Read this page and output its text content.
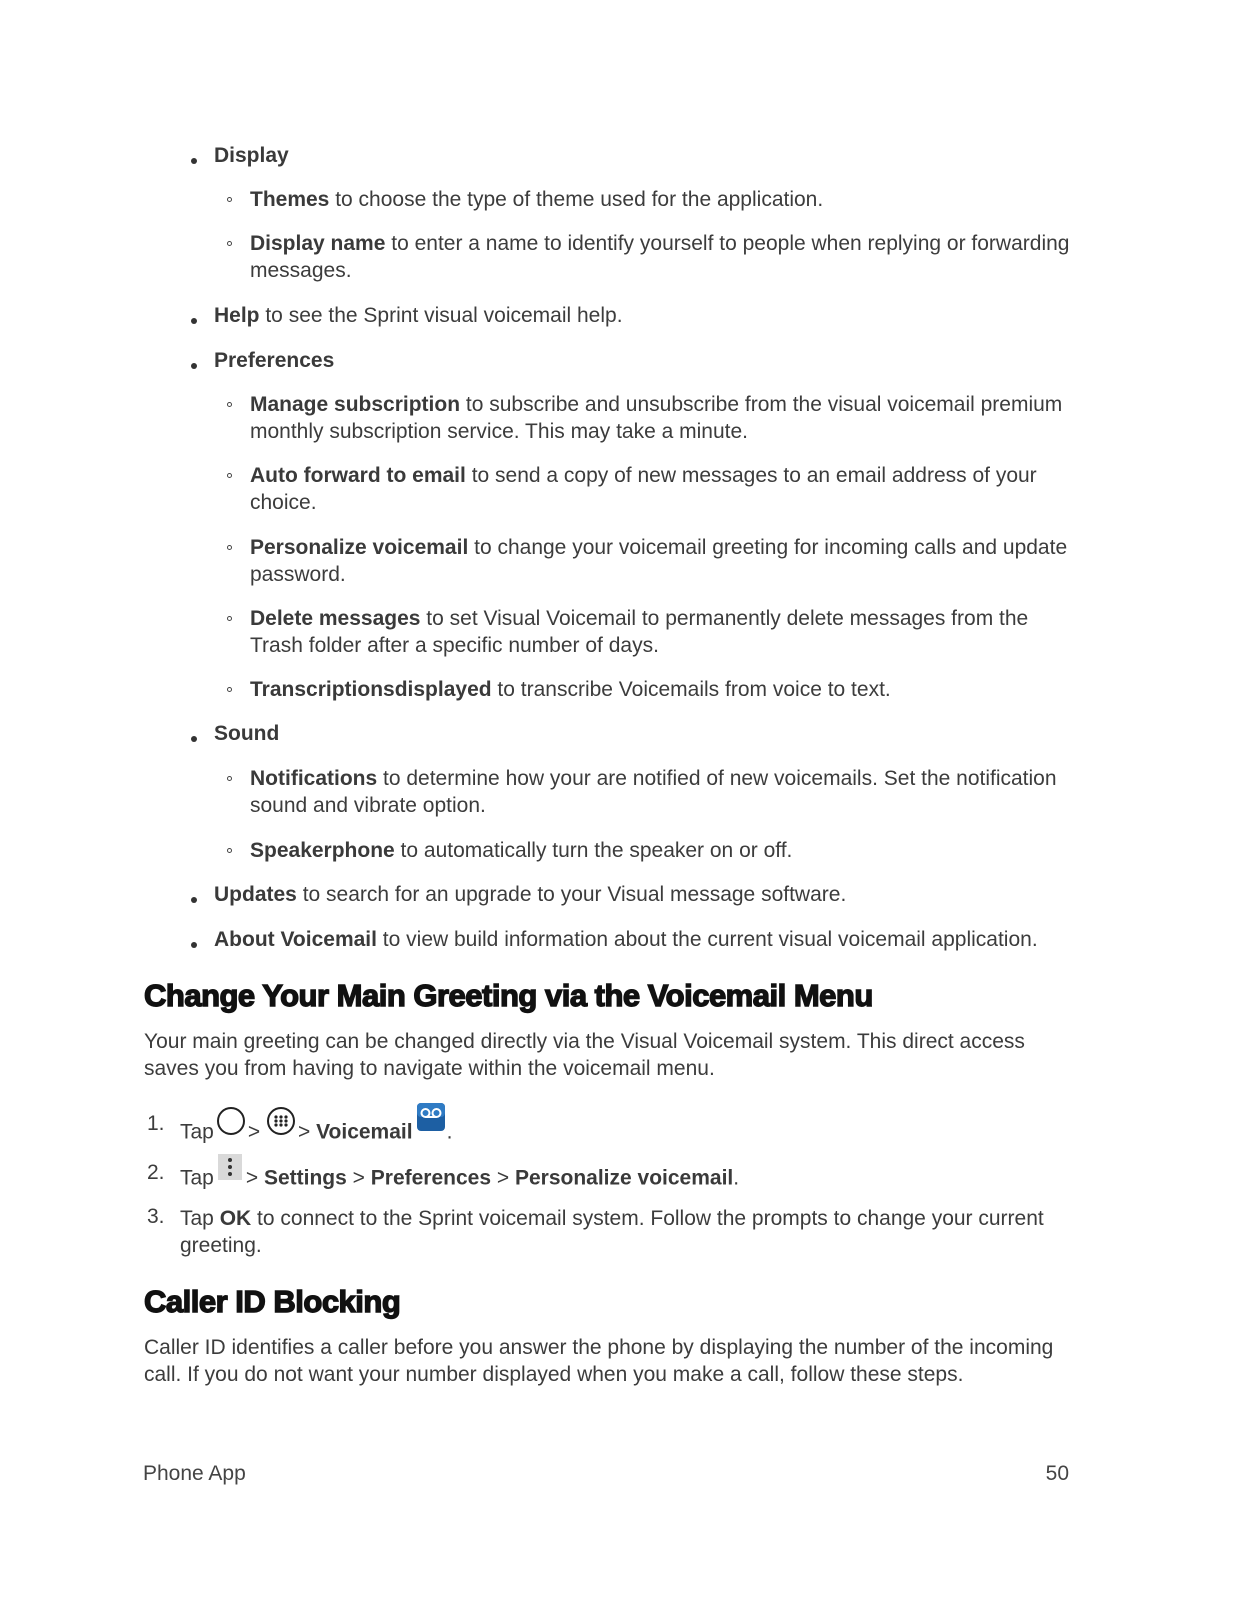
Display
Themes to choose the type of theme used for the application.
Display name to enter a name to identify yourself to people when replying or forwarding messages.
Help to see the Sprint visual voicemail help.
Preferences
Manage subscription to subscribe and unsubscribe from the visual voicemail premium monthly subscription service. This may take a minute.
Auto forward to email to send a copy of new messages to an email address of your choice.
Personalize voicemail to change your voicemail greeting for incoming calls and update password.
Delete messages to set Visual Voicemail to permanently delete messages from the Trash folder after a specific number of days.
Transcriptionsdisplayed to transcribe Voicemails from voice to text.
Sound
Notifications to determine how your are notified of new voicemails. Set the notification sound and vibrate option.
Speakerphone to automatically turn the speaker on or off.
Updates to search for an upgrade to your Visual message software.
About Voicemail to view build information about the current visual voicemail application.
Change Your Main Greeting via the Voicemail Menu
Your main greeting can be changed directly via the Visual Voicemail system. This direct access saves you from having to navigate within the voicemail menu.
1. Tap > > Voicemail .
2. Tap > Settings > Preferences > Personalize voicemail.
3. Tap OK to connect to the Sprint voicemail system. Follow the prompts to change your current greeting.
Caller ID Blocking
Caller ID identifies a caller before you answer the phone by displaying the number of the incoming call. If you do not want your number displayed when you make a call, follow these steps.
Phone App	50
